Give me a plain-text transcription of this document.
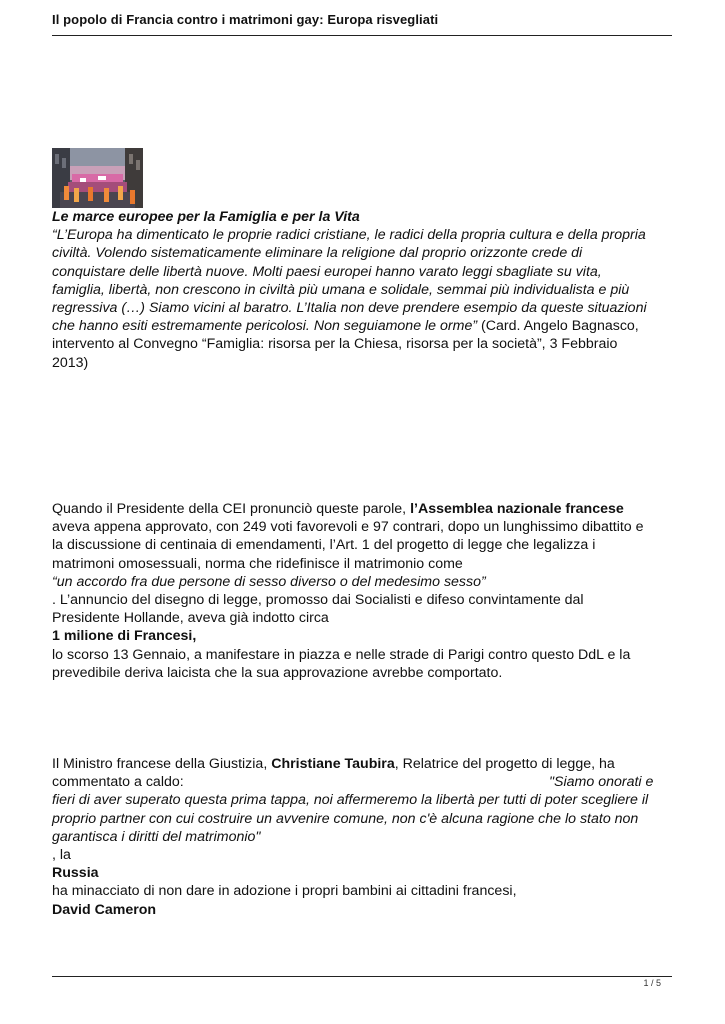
Il popolo di Francia contro i matrimoni gay: Europa risvegliati
Le marce europee per la Famiglia e per la Vita
“L’Europa ha dimenticato le proprie radici cristiane, le radici della propria cultura e della propria
civiltà. Volendo sistematicamente eliminare la religione dal proprio orizzonte crede di
conquistare delle libertà nuove. Molti paesi europei hanno varato leggi sbagliate su vita,
famiglia, libertà, non crescono in civiltà più umana e solidale, semmai più individualista e più
regressiva (…) Siamo vicini al baratro. L’Italia non deve prendere esempio da queste situazioni
che hanno esiti estremamente pericolosi. Non seguiamone le orme” (Card. Angelo Bagnasco,
intervento al Convegno “Famiglia: risorsa per la Chiesa, risorsa per la società”, 3 Febbraio
2013)
Quando il Presidente della CEI pronunciò queste parole, l’Assemblea nazionale francese
aveva appena approvato, con 249 voti favorevoli e 97 contrari, dopo un lunghissimo dibattito e
la discussione di centinaia di emendamenti, l’Art. 1 del progetto di legge che legalizza i
matrimoni omosessuali, norma che ridefinisce il matrimonio come
“un accordo fra due persone di sesso diverso o del medesimo sesso”
. L’annuncio del disegno di legge, promosso dai Socialisti e difeso convintamente dal
Presidente Hollande, aveva già indotto circa
1 milione di Francesi,
lo scorso 13 Gennaio, a manifestare in piazza e nelle strade di Parigi contro questo DdL e la
prevedibile deriva laicista che la sua approvazione avrebbe comportato.
Il Ministro francese della Giustizia, Christiane Taubira, Relatrice del progetto di legge, ha
commentato a caldo:	"Siamo onorati e
fieri di aver superato questa prima tappa, noi affermeremo la libertà per tutti di poter scegliere il
proprio partner con cui costruire un avvenire comune, non c'è alcuna ragione che lo stato non
garantisca i diritti del matrimonio"
, la
Russia
ha minacciato di non dare in adozione i propri bambini ai cittadini francesi,
David Cameron
1 / 5
